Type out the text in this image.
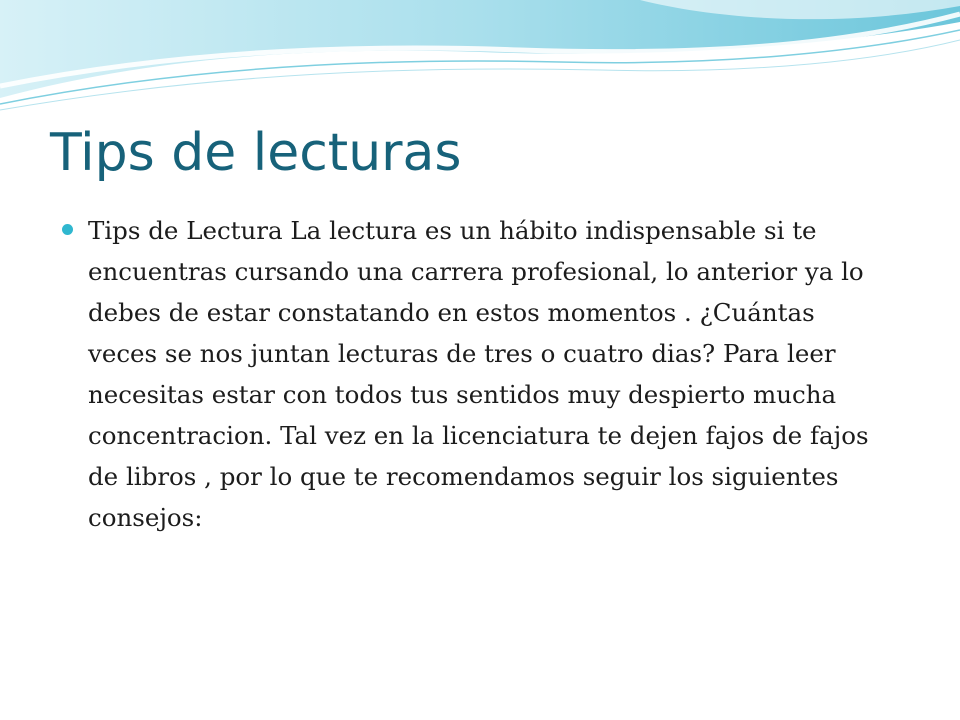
Tips de lecturas
Tips de Lectura La lectura es un hábito indispensable si te encuentras cursando una carrera profesional, lo anterior ya lo debes de estar constatando en estos momentos . ¿Cuántas veces se nos juntan lecturas de tres o cuatro dias? Para leer necesitas estar con todos tus sentidos muy despierto mucha concentracion. Tal vez en la licenciatura te dejen fajos de fajos de libros , por lo que te recomendamos seguir los siguientes consejos:
